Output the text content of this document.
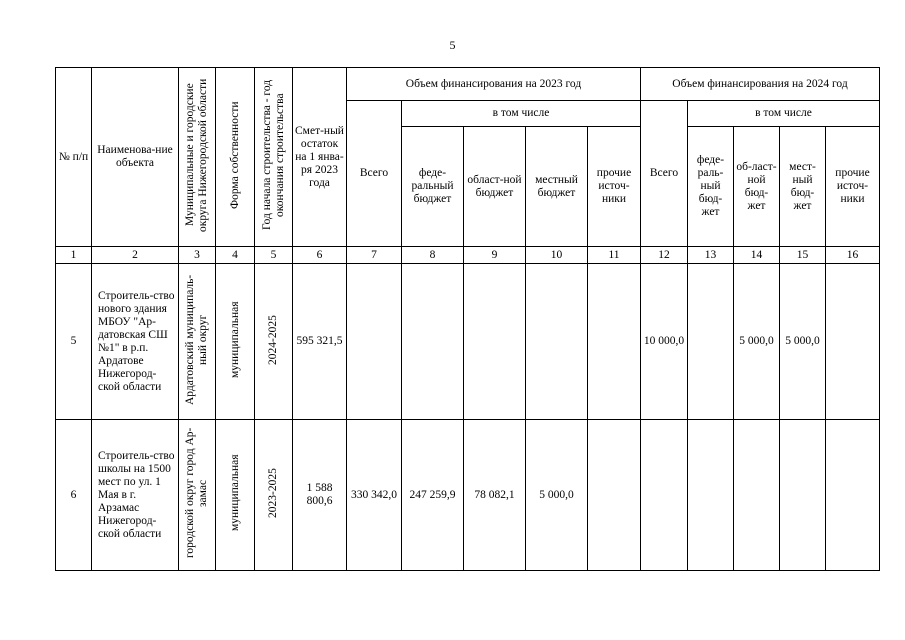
5
№ п/п	Наименова-ние объекта	Муниципальные и городские округа Нижегородской области	Форма собственности	Год начала строительства - год окончания строительства	Смет-ный остаток на 1 янва-ря 2023 года	Объем финансирования на 2023 год					Объем финансирования на 2024 год				
						Всего	в том числе				Всего	в том числе			
							феде-ральный бюджет	област-ной бюджет	местный бюджет	прочие источ-ники		феде-раль-ный бюд-жет	об-ласт-ной бюд-жет	мест-ный бюд-жет	прочие источ-ники
1	2	3	4	5	6	7	8	9	10	11	12	13	14	15	16
5	Строитель-ство нового здания МБОУ "Ар-датовская СШ №1" в р.п. Ардатове Нижегород-ской области	Ардатовский муниципаль-ный округ	муниципальная	2024-2025	595 321,5						10 000,0		5 000,0	5 000,0	
6	Строитель-ство школы на 1500 мест по ул. 1 Мая в г. Арзамас Нижегород-ской области	городской округ город Ар-замас	муниципальная	2023-2025	1 588 800,6	330 342,0	247 259,9	78 082,1	5 000,0						
